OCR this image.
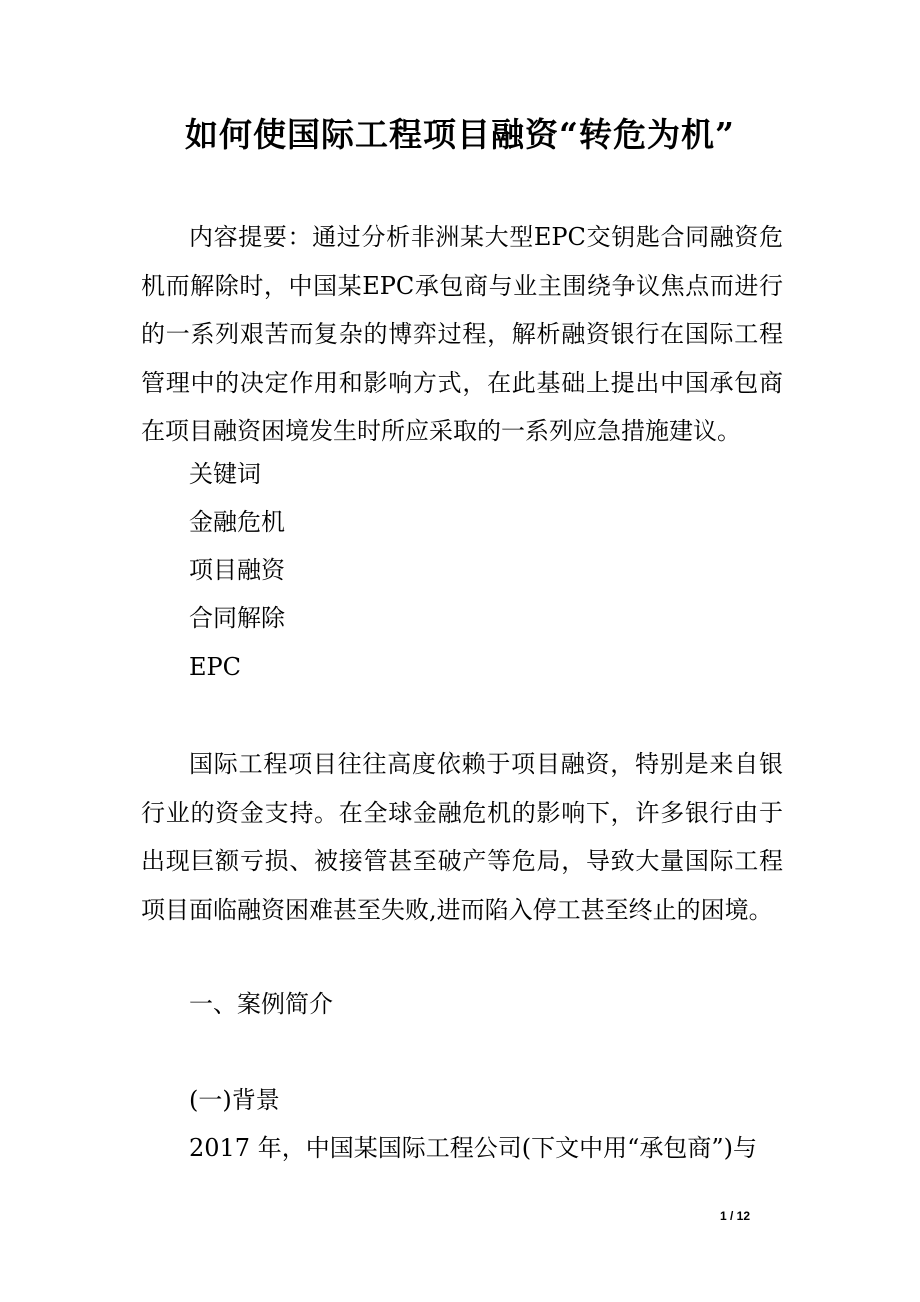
如何使国际工程项目融资“转危为机”

内容提要：通过分析非洲某大型EPC交钥匙合同融资危机而解除时，中国某EPC承包商与业主围绕争议焦点而进行的一系列艰苦而复杂的博弈过程，解析融资银行在国际工程管理中的决定作用和影响方式，在此基础上提出中国承包商在项目融资困境发生时所应采取的一系列应急措施建议。

关键词
金融危机
项目融资
合同解除
EPC

国际工程项目往往高度依赖于项目融资，特别是来自银行业的资金支持。在全球金融危机的影响下，许多银行由于出现巨额亏损、被接管甚至破产等危局，导致大量国际工程项目面临融资困难甚至失败,进而陷入停工甚至终止的困境。

一、案例简介
(一)背景
2017 年，中国某国际工程公司(下文中用“承包商”)与
1 / 12
